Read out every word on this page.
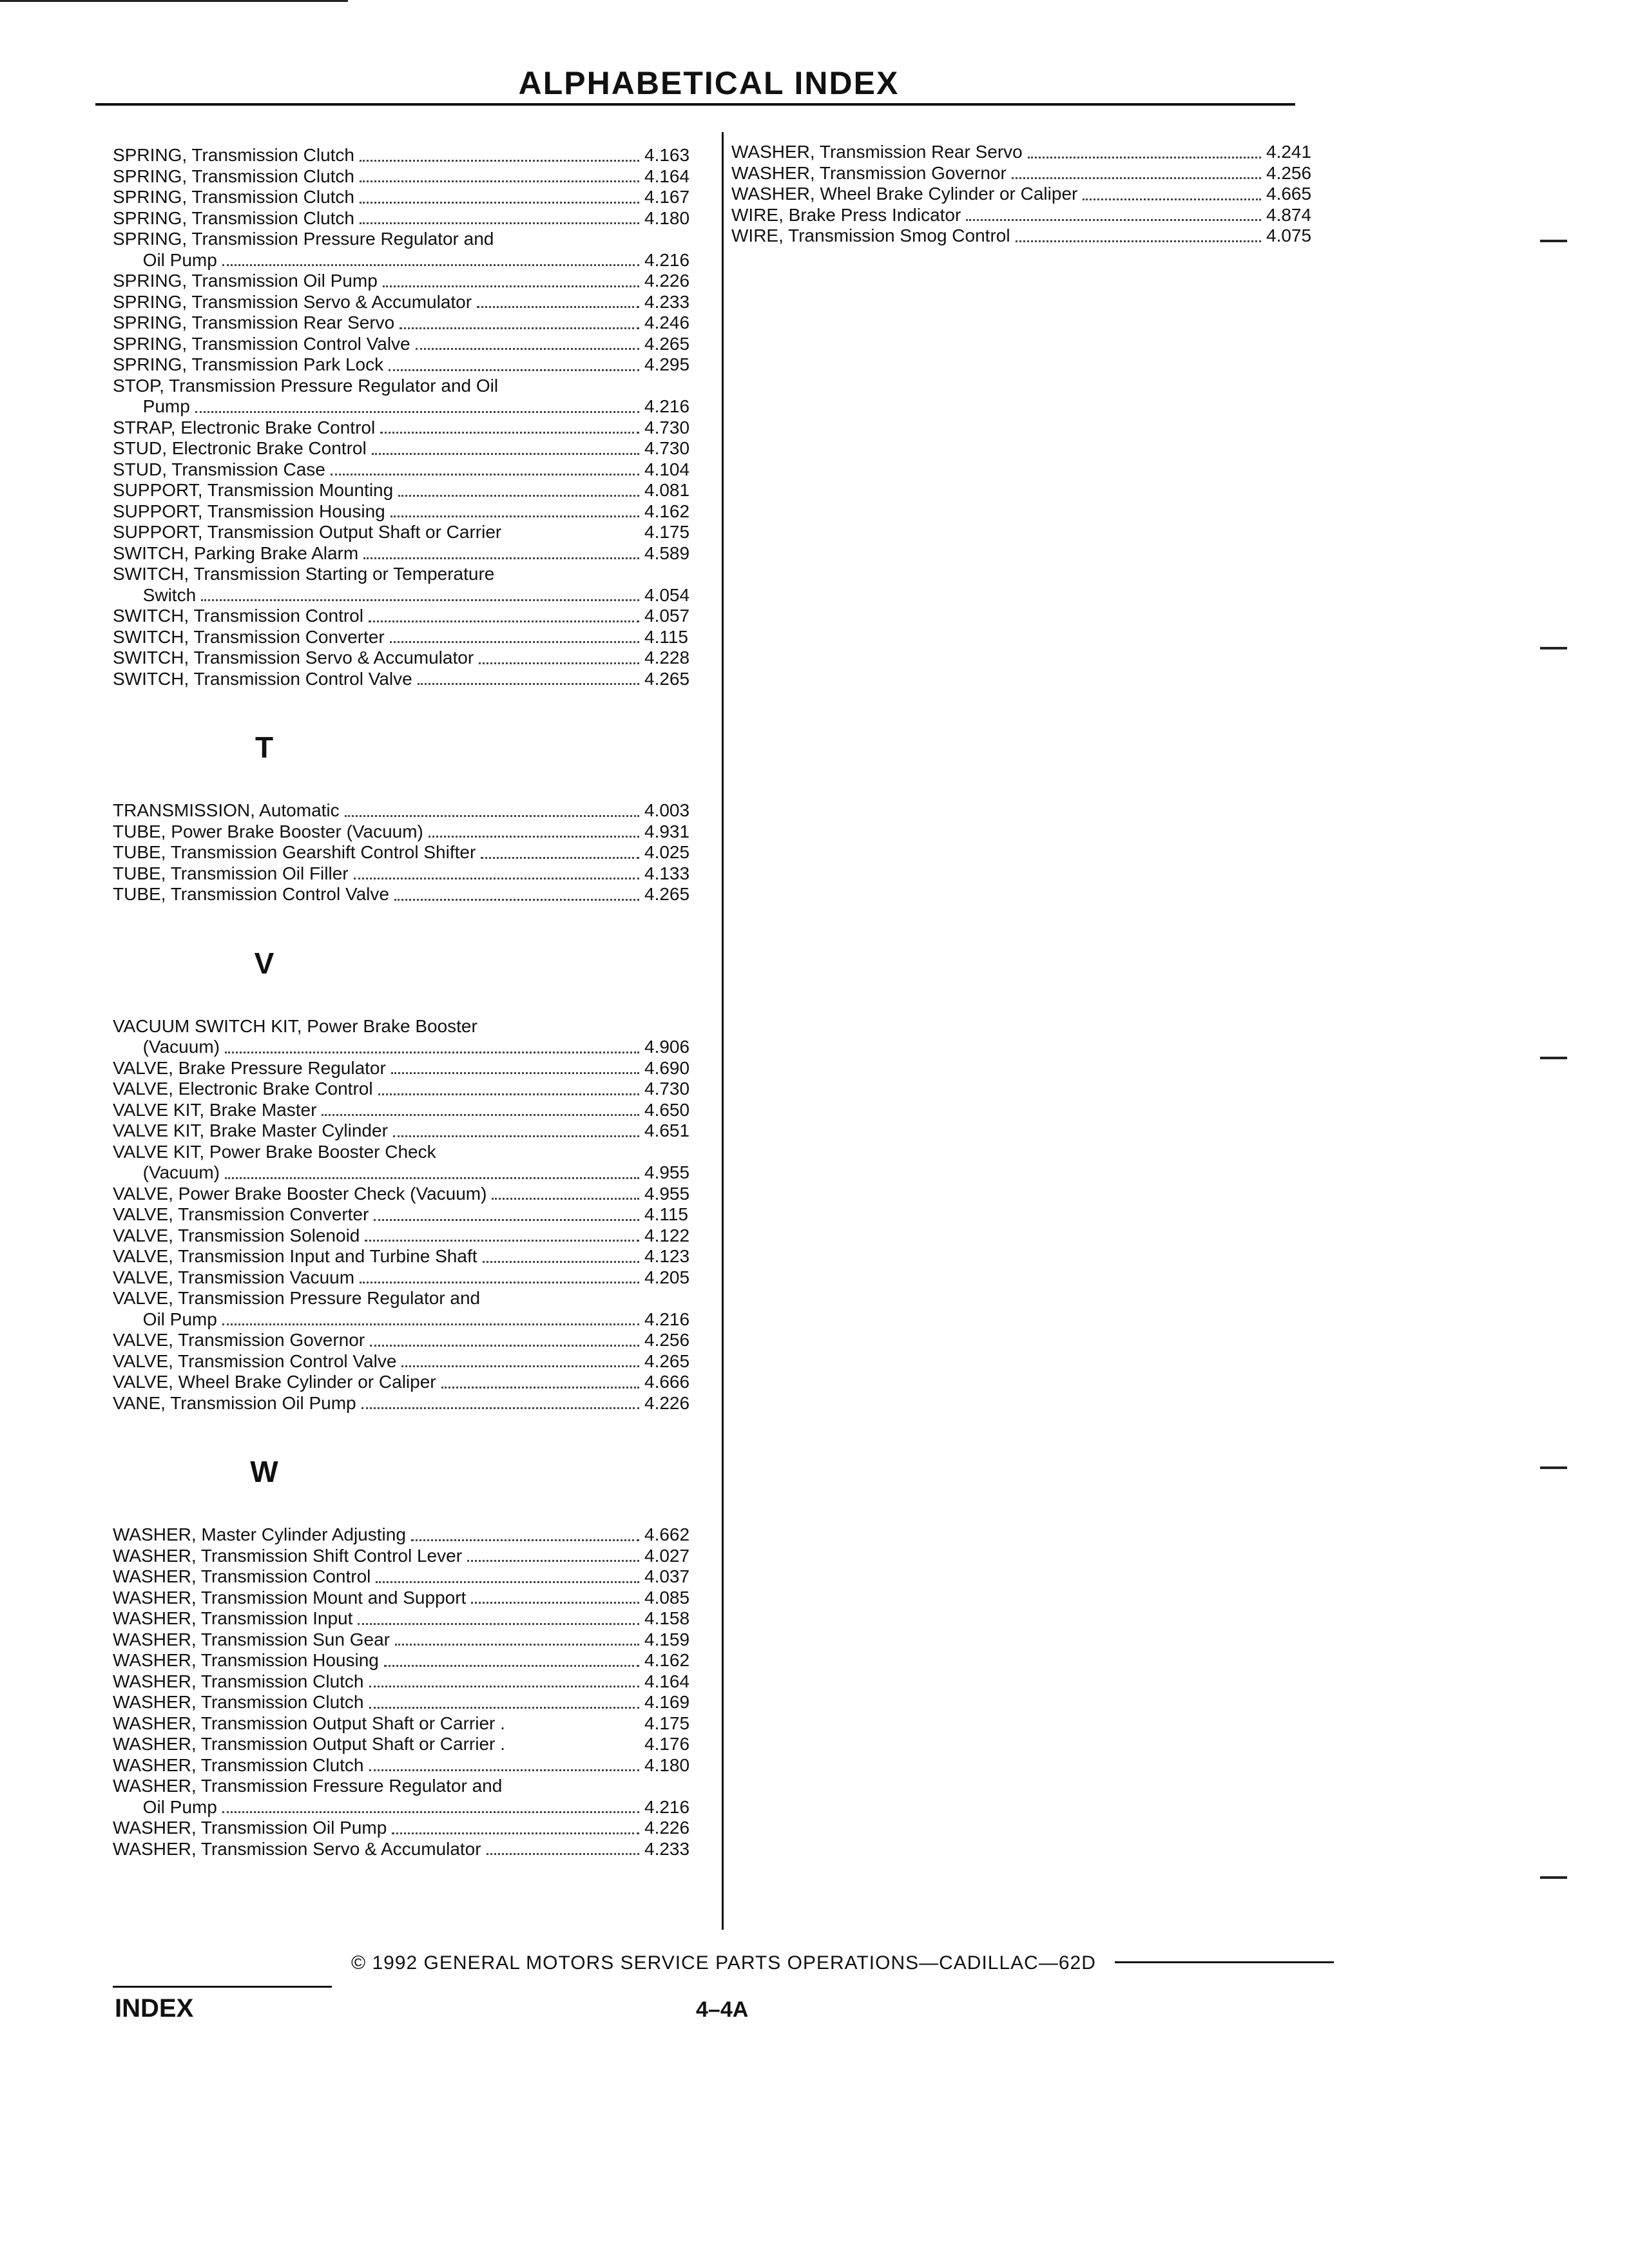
ALPHABETICAL INDEX
SPRING, Transmission Clutch	4.163
SPRING, Transmission Clutch	4.164
SPRING, Transmission Clutch	4.167
SPRING, Transmission Clutch	4.180
SPRING, Transmission Pressure Regulator and
Oil Pump	4.216
SPRING, Transmission Oil Pump	4.226
SPRING, Transmission Servo & Accumulator	4.233
SPRING, Transmission Rear Servo	4.246
SPRING, Transmission Control Valve	4.265
SPRING, Transmission Park Lock	4.295
STOP, Transmission Pressure Regulator and Oil
Pump	4.216
STRAP, Electronic Brake Control	4.730
STUD, Electronic Brake Control	4.730
STUD, Transmission Case	4.104
SUPPORT, Transmission Mounting	4.081
SUPPORT, Transmission Housing	4.162
SUPPORT, Transmission Output Shaft or Carrier	4.175
SWITCH, Parking Brake Alarm	4.589
SWITCH, Transmission Starting or Temperature
Switch	4.054
SWITCH, Transmission Control	4.057
SWITCH, Transmission Converter	4.115
SWITCH, Transmission Servo & Accumulator	4.228
SWITCH, Transmission Control Valve	4.265
T
TRANSMISSION, Automatic	4.003
TUBE, Power Brake Booster (Vacuum)	4.931
TUBE, Transmission Gearshift Control Shifter	4.025
TUBE, Transmission Oil Filler	4.133
TUBE, Transmission Control Valve	4.265
V
VACUUM SWITCH KIT, Power Brake Booster
(Vacuum)	4.906
VALVE, Brake Pressure Regulator	4.690
VALVE, Electronic Brake Control	4.730
VALVE KIT, Brake Master	4.650
VALVE KIT, Brake Master Cylinder	4.651
VALVE KIT, Power Brake Booster Check
(Vacuum)	4.955
VALVE, Power Brake Booster Check (Vacuum)	4.955
VALVE, Transmission Converter	4.115
VALVE, Transmission Solenoid	4.122
VALVE, Transmission Input and Turbine Shaft	4.123
VALVE, Transmission Vacuum	4.205
VALVE, Transmission Pressure Regulator and
Oil Pump	4.216
VALVE, Transmission Governor	4.256
VALVE, Transmission Control Valve	4.265
VALVE, Wheel Brake Cylinder or Caliper	4.666
VANE, Transmission Oil Pump	4.226
W
WASHER, Master Cylinder Adjusting	4.662
WASHER, Transmission Shift Control Lever	4.027
WASHER, Transmission Control	4.037
WASHER, Transmission Mount and Support	4.085
WASHER, Transmission Input	4.158
WASHER, Transmission Sun Gear	4.159
WASHER, Transmission Housing	4.162
WASHER, Transmission Clutch	4.164
WASHER, Transmission Clutch	4.169
WASHER, Transmission Output Shaft or Carrier .	4.175
WASHER, Transmission Output Shaft or Carrier .	4.176
WASHER, Transmission Clutch	4.180
WASHER, Transmission Fressure Regulator and
Oil Pump	4.216
WASHER, Transmission Oil Pump	4.226
WASHER, Transmission Servo & Accumulator	4.233
WASHER, Transmission Rear Servo	4.241
WASHER, Transmission Governor	4.256
WASHER, Wheel Brake Cylinder or Caliper	4.665
WIRE, Brake Press Indicator	4.874
WIRE, Transmission Smog Control	4.075
© 1992 GENERAL MOTORS SERVICE PARTS OPERATIONS—CADILLAC—62D
INDEX	4–4A
